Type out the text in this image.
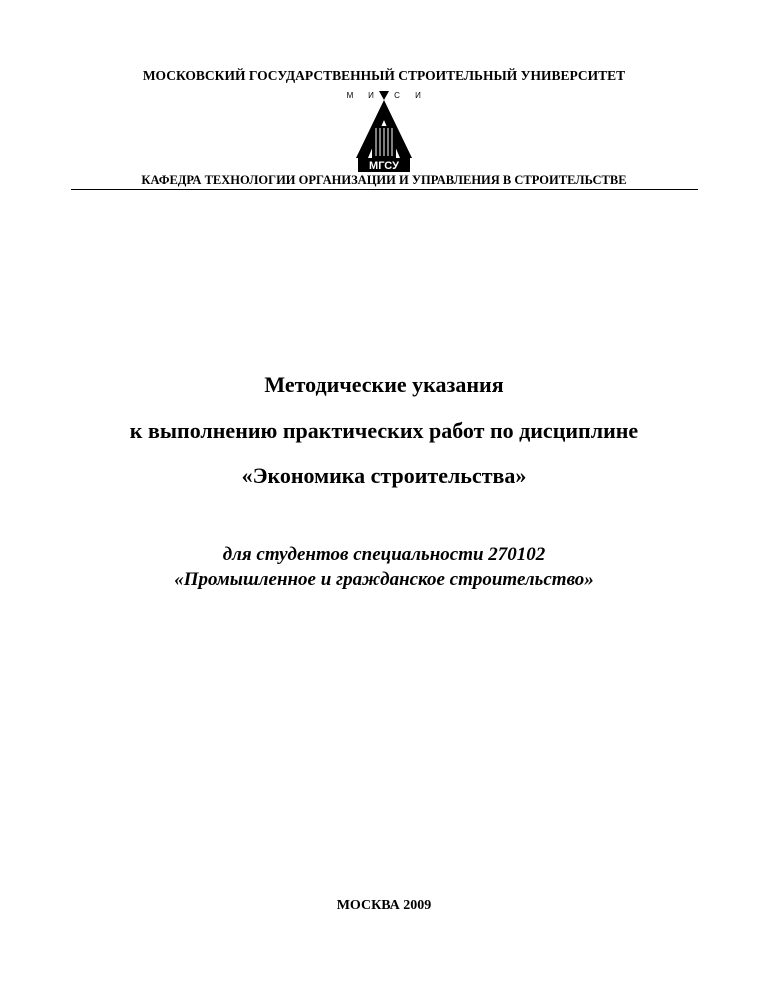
МОСКОВСКИЙ ГОСУДАРСТВЕННЫЙ СТРОИТЕЛЬНЫЙ УНИВЕРСИТЕТ
М И	С И
МГСУ
КАФЕДРА ТЕХНОЛОГИИ ОРГАНИЗАЦИИ И УПРАВЛЕНИЯ В СТРОИТЕЛЬСТВЕ
Методические указания
к выполнению практических работ по дисциплине
«Экономика строительства»
для студентов специальности 270102
«Промышленное и гражданское строительство»
МОСКВА 2009
